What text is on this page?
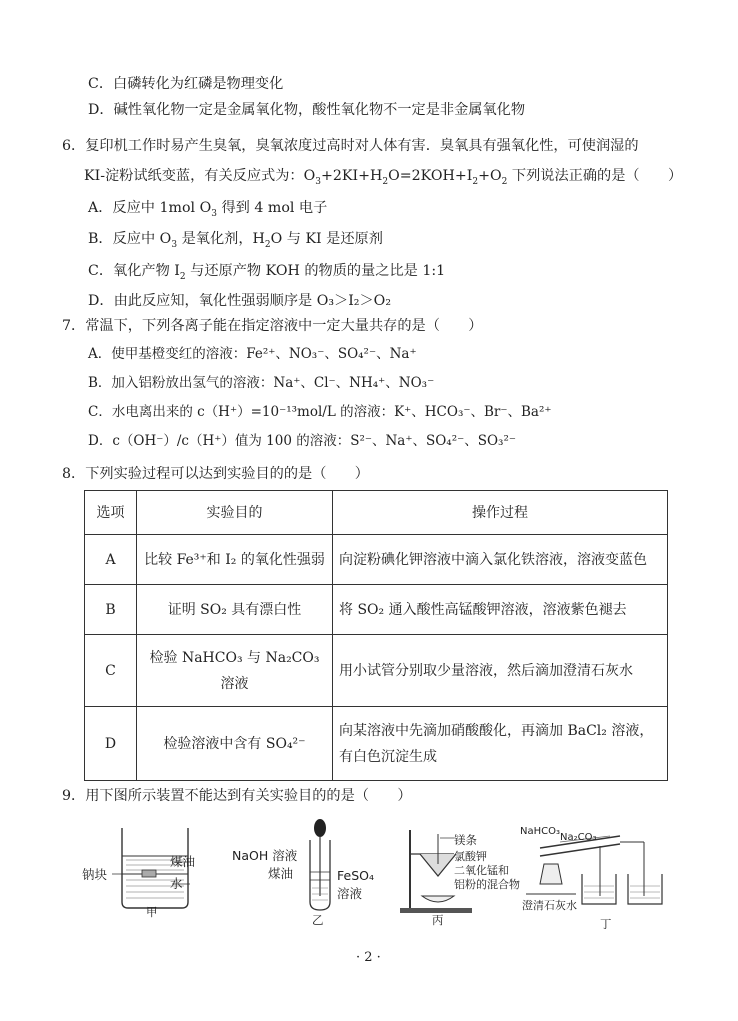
C．白磷转化为红磷是物理变化
D．碱性氧化物一定是金属氧化物，酸性氧化物不一定是非金属氧化物
6．复印机工作时易产生臭氧，臭氧浓度过高时对人体有害．臭氧具有强氧化性，可使润湿的
KI-淀粉试纸变蓝，有关反应式为：$O_3+2KI+H_2O=2KOH+I_2+O_2$ 下列说法正确的是（　　）
A．反应中 1mol $O_3$ 得到 4 mol 电子
B．反应中 $O_3$ 是氧化剂，$H_2O$ 与 KI 是还原剂
C．氧化产物 $I_2$ 与还原产物 KOH 的物质的量之比是 1:1
D．由此反应知，氧化性强弱顺序是 O₃＞I₂＞O₂
7．常温下，下列各离子能在指定溶液中一定大量共存的是（　　）
A．使甲基橙变红的溶液：Fe²⁺、NO₃⁻、SO₄²⁻、Na⁺
B．加入铝粉放出氢气的溶液：Na⁺、Cl⁻、NH₄⁺、NO₃⁻
C．水电离出来的 c（H⁺）=10⁻¹³mol/L 的溶液：K⁺、HCO₃⁻、Br⁻、Ba²⁺
D．c（OH⁻）/c（H⁺）值为 100 的溶液：S²⁻、Na⁺、SO₄²⁻、SO₃²⁻
8．下列实验过程可以达到实验目的的是（　　）
选项	实验目的	操作过程
A	比较 Fe³⁺和 I₂ 的氧化性强弱	向淀粉碘化钾溶液中滴入氯化铁溶液，溶液变蓝色
B	证明 SO₂ 具有漂白性	将 SO₂ 通入酸性高锰酸钾溶液，溶液紫色褪去
C	检验 NaHCO₃ 与 Na₂CO₃ 溶液	用小试管分别取少量溶液，然后滴加澄清石灰水
D	检验溶液中含有 SO₄²⁻	向某溶液中先滴加硝酸酸化，再滴加 BaCl₂ 溶液，有白色沉淀生成
9．用下图所示装置不能达到有关实验目的的是（　　）
钠块
煤油
水
甲
NaOH 溶液
煤油	FeSO₄
溶液
乙
镁条
氯酸钾
二氧化锰和
铝粉的混合物
丙
NaHCO₃
Na₂CO₃
澄清石灰水
丁
· 2 ·
